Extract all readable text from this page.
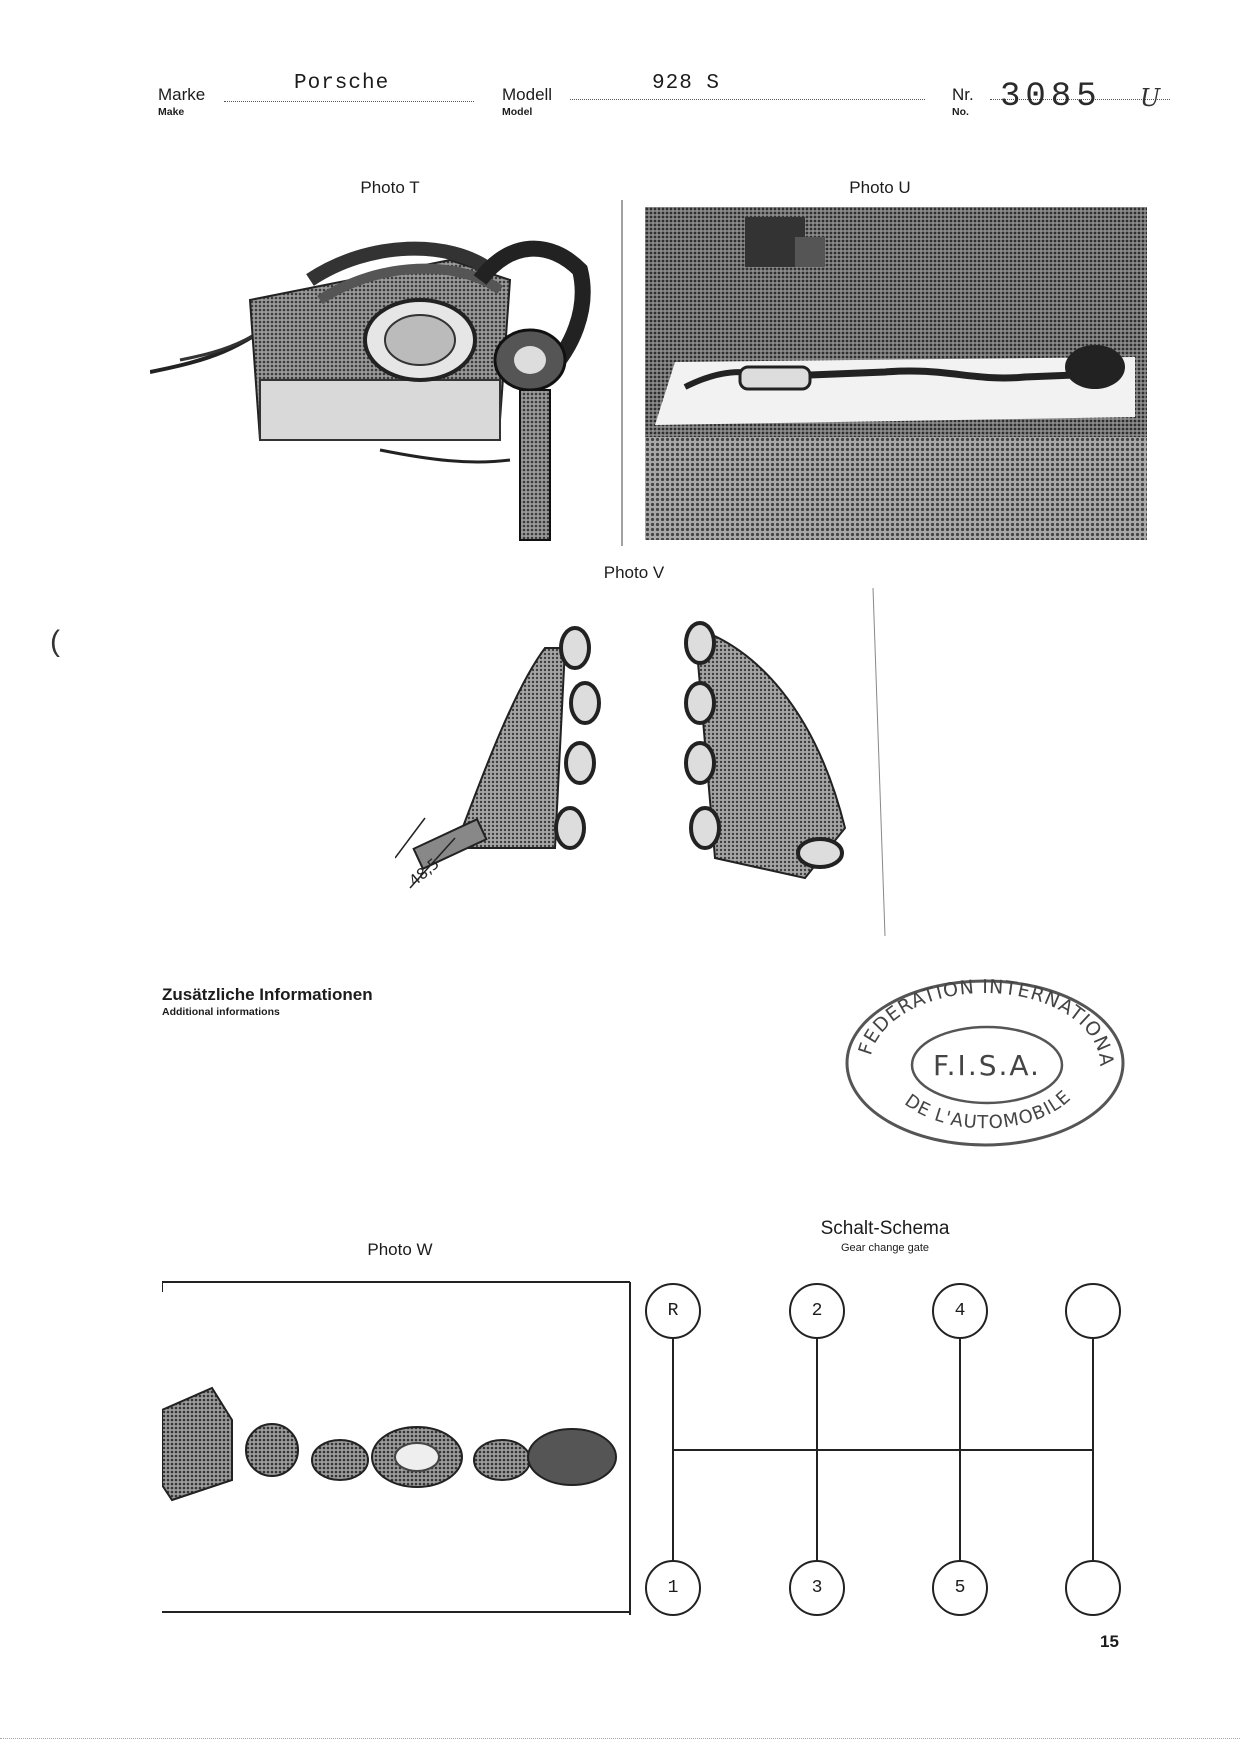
Marke
Make
Porsche	Modell
Model
928 S	Nr.
No. 3085 U
Photo T	Photo U
Photo V
48,5
Zusätzliche Informationen
Additional informations
FEDERATION INTERNATIONA
DE L'AUTOMOBILE
F.I.S.A.
Photo W
Schalt-Schema
Gear change gate
R	2	4
1	3	5
15
(
